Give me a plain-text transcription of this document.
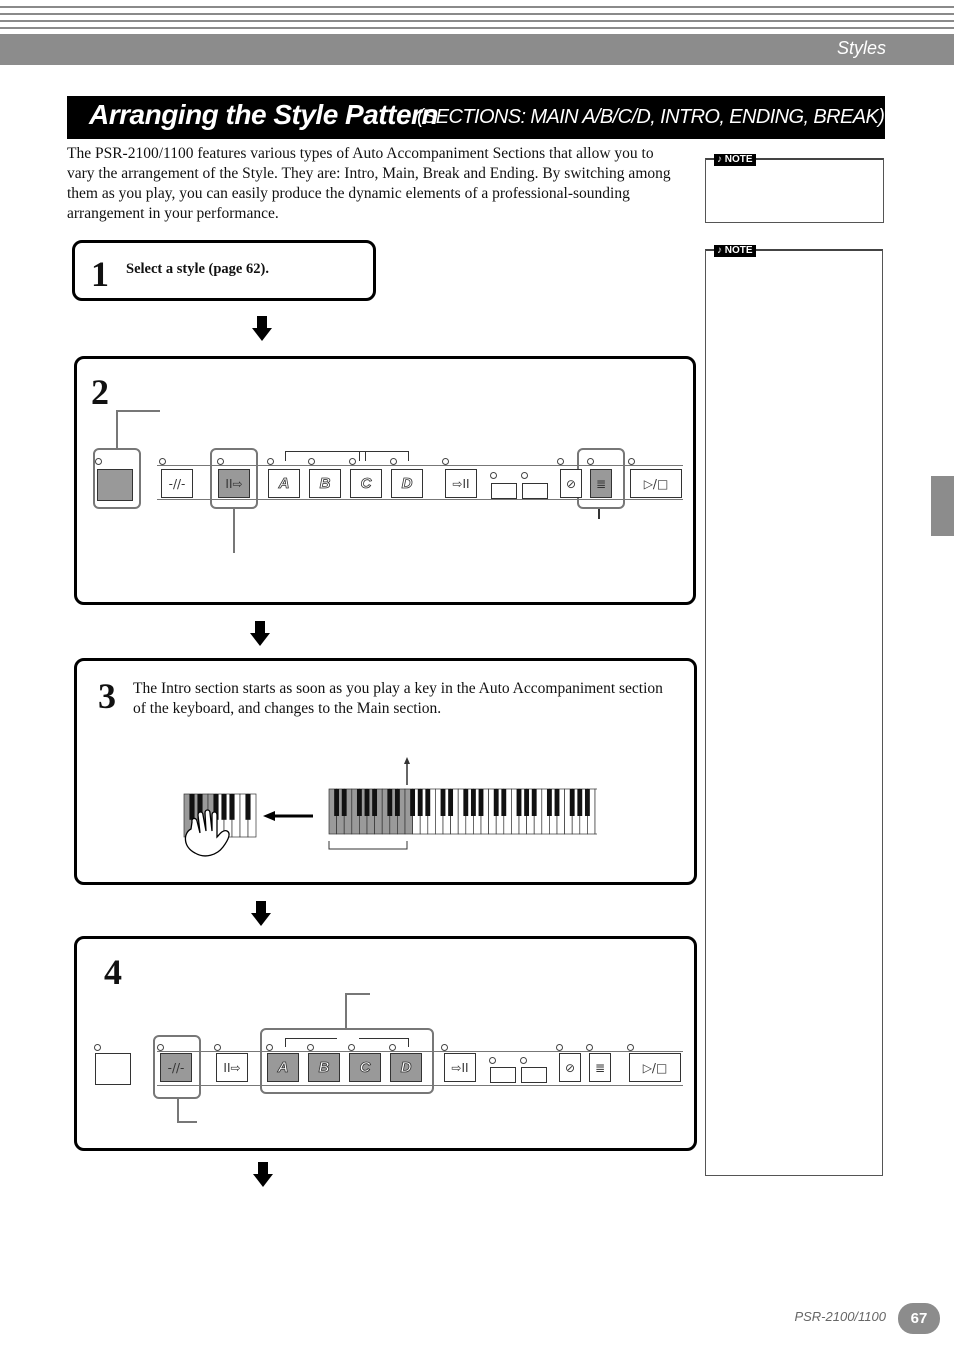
Styles
Arranging the Style Pattern
(SECTIONS: MAIN A/B/C/D, INTRO, ENDING, BREAK)
The PSR-2100/1100 features various types of Auto Accompaniment Sections that allow you to vary the arrangement of the Style. They are: Intro, Main, Break and Ending. By switching among them as you play, you can easily produce the dynamic elements of a professional-sounding arrangement in your performance.
♪ NOTE
♪ NOTE
1 Select a style (page 62).
2
-//-	II⇨	A	B	C	D	⇨II	⊘ ≣	▷/□
3 The Intro section starts as soon as you play a key in the Auto Accompaniment section of the keyboard, and changes to the Main section.
4
-//-	II⇨	A	B	C	D	⇨II	⊘ ≣	▷/□
PSR-2100/1100	67
